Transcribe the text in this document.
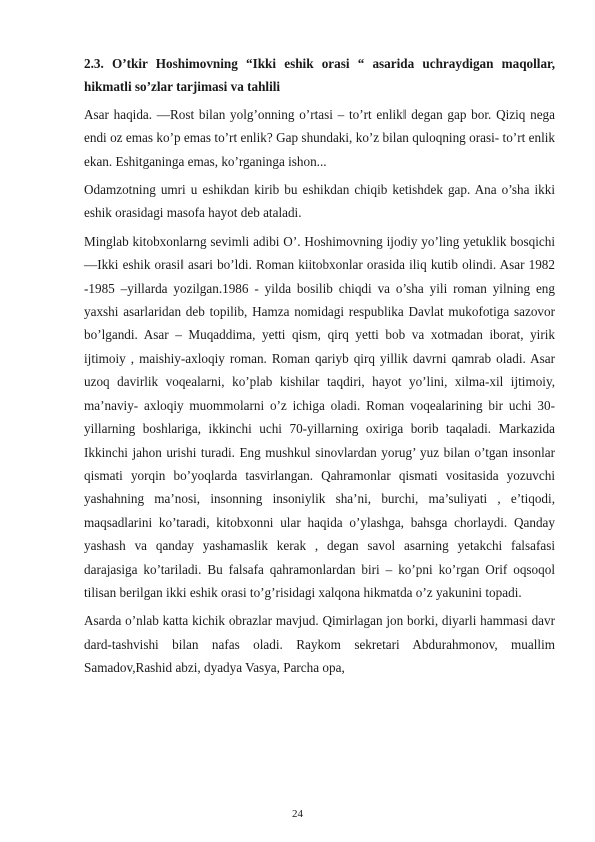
2.3. O’tkir Hoshimovning “Ikki eshik orasi “ asarida uchraydigan maqollar, hikmatli so’zlar tarjimasi va tahlili

Asar haqida. ―Rost bilan yolg’onning o’rtasi – to’rt enlik‖ degan gap bor. Qiziq nega endi oz emas ko’p emas to’rt enlik? Gap shundaki, ko’z bilan quloqning orasi- to’rt enlik ekan. Eshitganinga emas, ko’rganinga ishon...

Odamzotning umri u eshikdan kirib bu eshikdan chiqib ketishdek gap. Ana o’sha ikki eshik orasidagi masofa hayot deb ataladi.

Minglab kitobxonlarng sevimli adibi O’. Hoshimovning ijodiy yo’ling yetuklik bosqichi ―Ikki eshik orasi‖ asari bo’ldi. Roman kiitobxonlar orasida iliq kutib olindi. Asar 1982 -1985 –yillarda yozilgan.1986 - yilda bosilib chiqdi va o’sha yili roman yilning eng yaxshi asarlaridan deb topilib, Hamza nomidagi respublika Davlat mukofotiga sazovor bo’lgandi. Asar – Muqaddima, yetti qism, qirq yetti bob va xotmadan iborat, yirik ijtimoiy , maishiy-axloqiy roman. Roman qariyb qirq yillik davrni qamrab oladi. Asar uzoq davirlik voqealarni, ko’plab kishilar taqdiri, hayot yo’lini, xilma-xil ijtimoiy, ma’naviy- axloqiy muommolarni o’z ichiga oladi. Roman voqealarining bir uchi 30-yillarning boshlariga, ikkinchi uchi 70-yillarning oxiriga borib taqaladi. Markazida Ikkinchi jahon urishi turadi. Eng mushkul sinovlardan yorug’ yuz bilan o’tgan insonlar qismati yorqin bo’yoqlarda tasvirlangan. Qahramonlar qismati vositasida yozuvchi yashahning ma’nosi, insonning insoniylik sha’ni, burchi, ma’suliyati , e’tiqodi, maqsadlarini ko’taradi, kitobxonni ular haqida o’ylashga, bahsga chorlaydi. Qanday yashash va qanday yashamaslik kerak , degan savol asarning yetakchi falsafasi darajasiga ko’tariladi. Bu falsafa qahramonlardan biri – ko’pni ko’rgan Orif oqsoqol tilisan berilgan ikki eshik orasi to’g’risidagi xalqona hikmatda o’z yakunini topadi.

Asarda o’nlab katta kichik obrazlar mavjud. Qimirlagan jon borki, diyarli hammasi davr dard-tashvishi bilan nafas oladi. Raykom sekretari Abdurahmonov, muallim Samadov,Rashid abzi, dyadya Vasya, Parcha opa,

24
